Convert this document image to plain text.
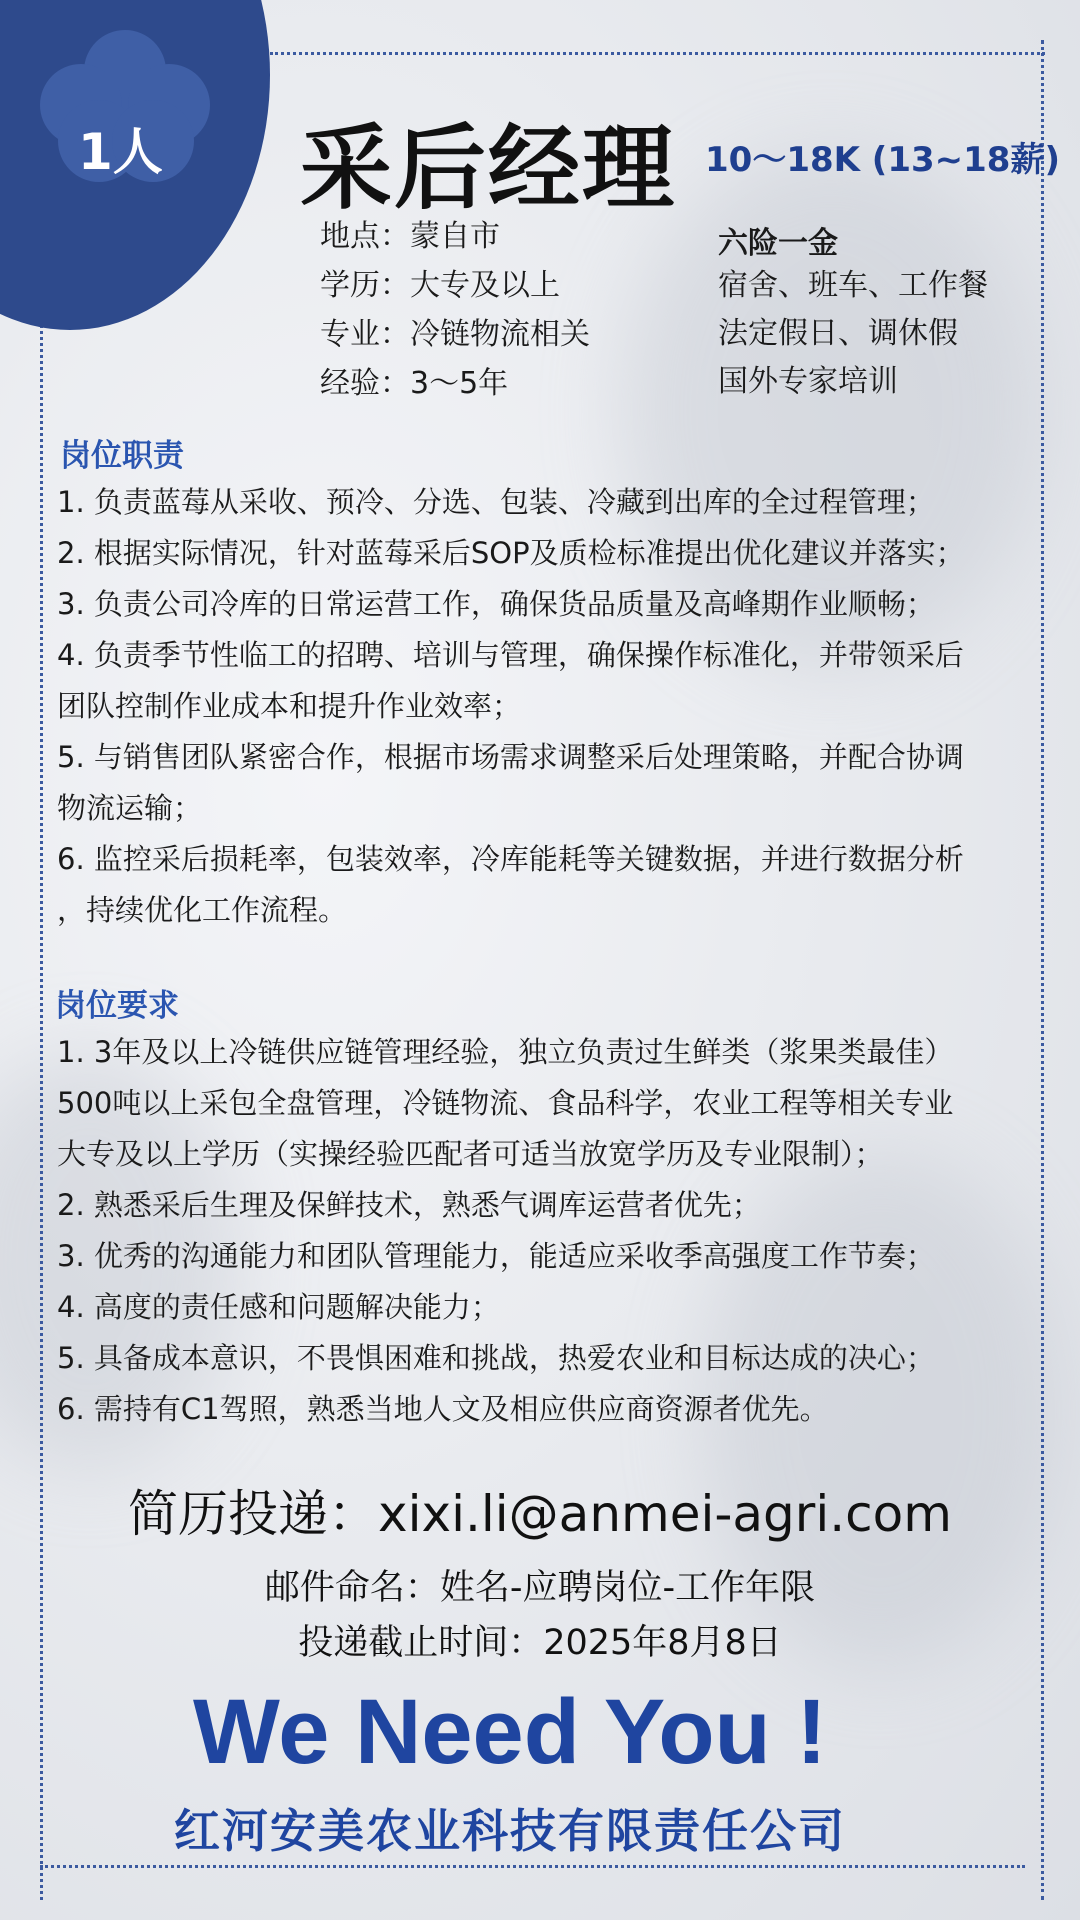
1人 采后经理 10～18K (13~18薪)
地点：蒙自市
学历：大专及以上
专业：冷链物流相关
经验：3～5年
六险一金
宿舍、班车、工作餐
法定假日、调休假
国外专家培训
岗位职责
1. 负责蓝莓从采收、预冷、分选、包装、冷藏到出库的全过程管理；
2. 根据实际情况，针对蓝莓采后SOP及质检标准提出优化建议并落实；
3. 负责公司冷库的日常运营工作，确保货品质量及高峰期作业顺畅；
4. 负责季节性临工的招聘、培训与管理，确保操作标准化，并带领采后
团队控制作业成本和提升作业效率；
5. 与销售团队紧密合作，根据市场需求调整采后处理策略，并配合协调
物流运输；
6. 监控采后损耗率，包装效率，冷库能耗等关键数据，并进行数据分析
，持续优化工作流程。
岗位要求
1. 3年及以上冷链供应链管理经验，独立负责过生鲜类（浆果类最佳）
500吨以上采包全盘管理，冷链物流、食品科学，农业工程等相关专业
大专及以上学历（实操经验匹配者可适当放宽学历及专业限制）；
2. 熟悉采后生理及保鲜技术，熟悉气调库运营者优先；
3. 优秀的沟通能力和团队管理能力，能适应采收季高强度工作节奏；
4. 高度的责任感和问题解决能力；
5. 具备成本意识，不畏惧困难和挑战，热爱农业和目标达成的决心；
6. 需持有C1驾照，熟悉当地人文及相应供应商资源者优先。
简历投递：xixi.li@anmei-agri.com
邮件命名：姓名-应聘岗位-工作年限
投递截止时间：2025年8月8日
We Need You !
红河安美农业科技有限责任公司
